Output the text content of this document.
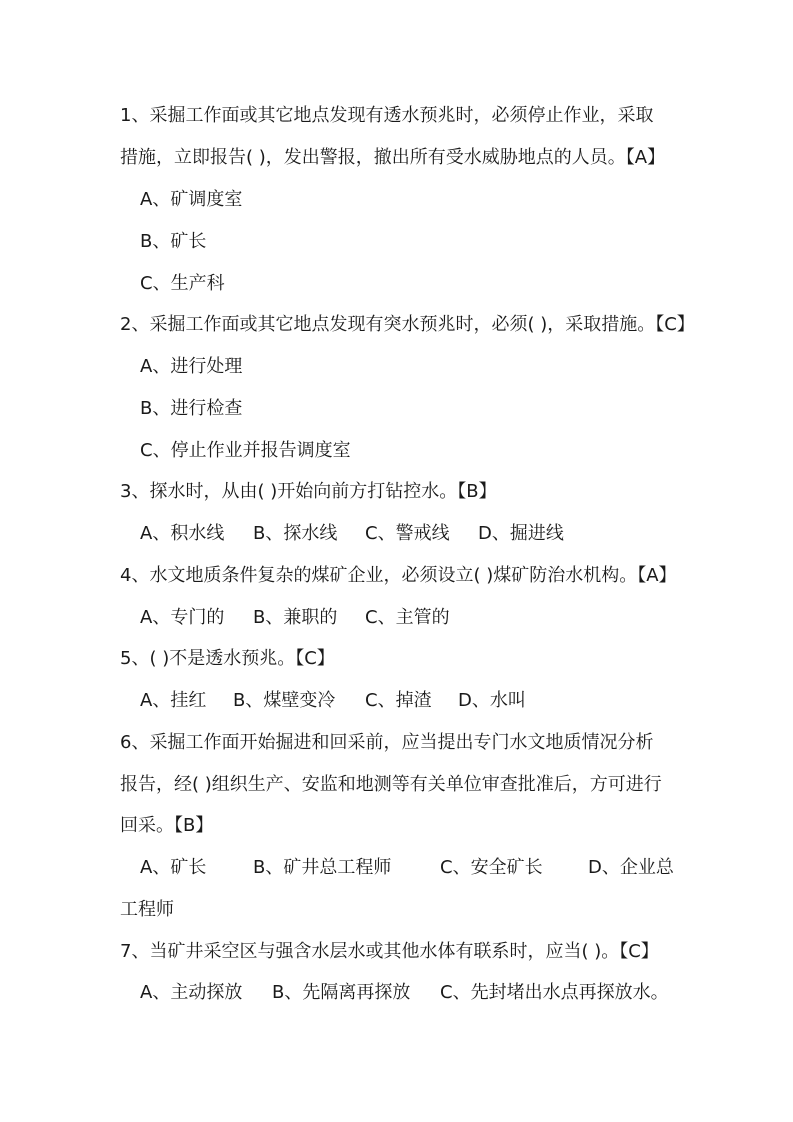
1、采掘工作面或其它地点发现有透水预兆时，必须停止作业，采取
措施，立即报告( )，发出警报，撤出所有受水威胁地点的人员。【A】
A、矿调度室
B、矿长
C、生产科
2、采掘工作面或其它地点发现有突水预兆时，必须( )，采取措施。【C】
A、进行处理
B、进行检查
C、停止作业并报告调度室
3、探水时，从由( )开始向前方打钻控水。【B】
A、积水线 B、探水线 C、警戒线 D、掘进线
4、水文地质条件复杂的煤矿企业，必须设立( )煤矿防治水机构。【A】
A、专门的 B、兼职的 C、主管的
5、( )不是透水预兆。【C】
A、挂红 B、煤壁变冷 C、掉渣 D、水叫
6、采掘工作面开始掘进和回采前，应当提出专门水文地质情况分析
报告，经( )组织生产、安监和地测等有关单位审查批准后，方可进行
回采。【B】
A、矿长	B、矿井总工程师	C、安全矿长	D、企业总
工程师
7、当矿井采空区与强含水层水或其他水体有联系时，应当( )。【C】
A、主动探放 B、先隔离再探放 C、先封堵出水点再探放水。
